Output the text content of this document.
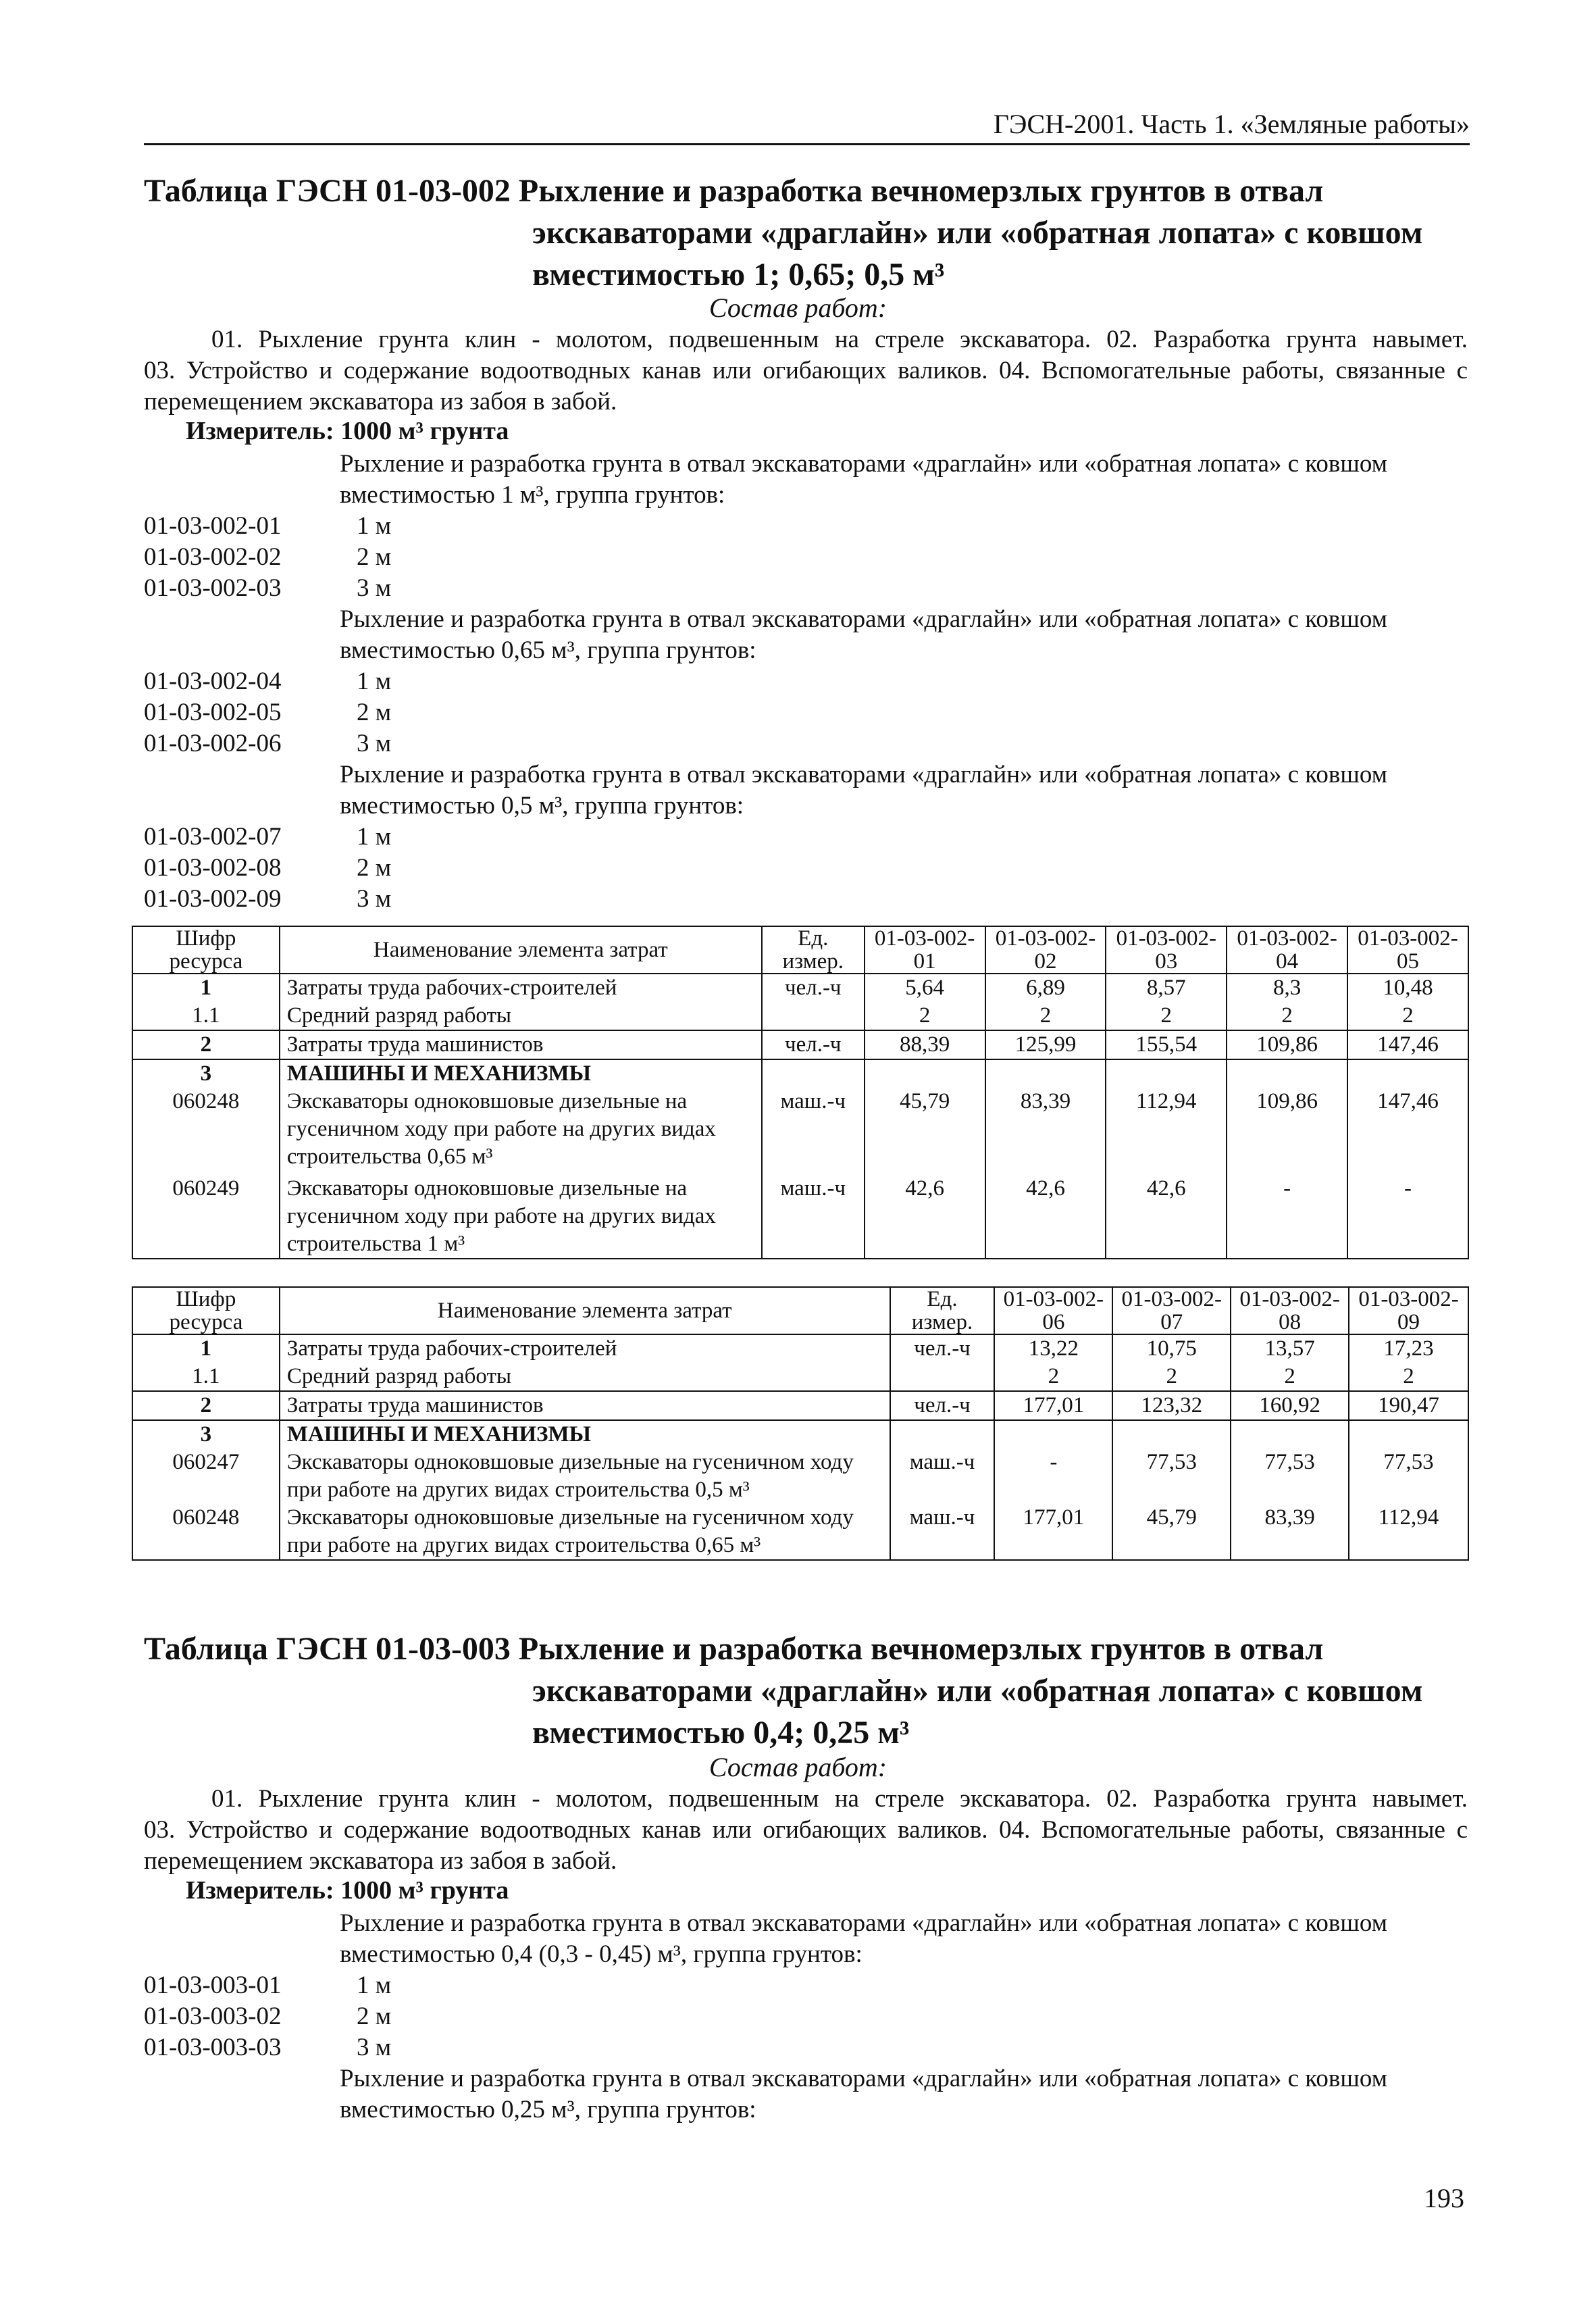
ГЭСН-2001. Часть 1. «Земляные работы»
Таблица ГЭСН 01-03-002 Рыхление и разработка вечномерзлых грунтов в отвал
экскаваторами «драглайн» или «обратная лопата» с ковшом
вместимостью 1; 0,65; 0,5 м³
Состав работ:
01. Рыхление грунта клин - молотом, подвешенным на стреле экскаватора. 02. Разработка грунта навымет.
03. Устройство и содержание водоотводных канав или огибающих валиков. 04. Вспомогательные работы, связанные с перемещением экскаватора из забоя в забой.
Измеритель: 1000 м³ грунта
Рыхление и разработка грунта в отвал экскаваторами «драглайн» или «обратная лопата» с ковшом вместимостью 1 м³, группа грунтов:
01-03-002-01	1 м
01-03-002-02	2 м
01-03-002-03	3 м
Рыхление и разработка грунта в отвал экскаваторами «драглайн» или «обратная лопата» с ковшом вместимостью 0,65 м³, группа грунтов:
01-03-002-04	1 м
01-03-002-05	2 м
01-03-002-06	3 м
Рыхление и разработка грунта в отвал экскаваторами «драглайн» или «обратная лопата» с ковшом вместимостью 0,5 м³, группа грунтов:
01-03-002-07	1 м
01-03-002-08	2 м
01-03-002-09	3 м
Шифр ресурса	Наименование элемента затрат	Ед. измер.	01-03-002-01	01-03-002-02	01-03-002-03	01-03-002-04	01-03-002-05
1	Затраты труда рабочих-строителей	чел.-ч	5,64	6,89	8,57	8,3	10,48
1.1	Средний разряд работы		2	2	2	2	2
2	Затраты труда машинистов	чел.-ч	88,39	125,99	155,54	109,86	147,46
3	МАШИНЫ И МЕХАНИЗМЫ						
060248	Экскаваторы одноковшовые дизельные на гусеничном ходу при работе на других видах строительства 0,65 м³	маш.-ч	45,79	83,39	112,94	109,86	147,46
060249	Экскаваторы одноковшовые дизельные на гусеничном ходу при работе на других видах строительства 1 м³	маш.-ч	42,6	42,6	42,6	-	-
Шифр ресурса	Наименование элемента затрат	Ед. измер.	01-03-002-06	01-03-002-07	01-03-002-08	01-03-002-09
1	Затраты труда рабочих-строителей	чел.-ч	13,22	10,75	13,57	17,23
1.1	Средний разряд работы		2	2	2	2
2	Затраты труда машинистов	чел.-ч	177,01	123,32	160,92	190,47
3	МАШИНЫ И МЕХАНИЗМЫ					
060247	Экскаваторы одноковшовые дизельные на гусеничном ходу при работе на других видах строительства 0,5 м³	маш.-ч	-	77,53	77,53	77,53
060248	Экскаваторы одноковшовые дизельные на гусеничном ходу при работе на других видах строительства 0,65 м³	маш.-ч	177,01	45,79	83,39	112,94
Таблица ГЭСН 01-03-003 Рыхление и разработка вечномерзлых грунтов в отвал
экскаваторами «драглайн» или «обратная лопата» с ковшом
вместимостью 0,4; 0,25 м³
Состав работ:
01. Рыхление грунта клин - молотом, подвешенным на стреле экскаватора. 02. Разработка грунта навымет.
03. Устройство и содержание водоотводных канав или огибающих валиков. 04. Вспомогательные работы, связанные с перемещением экскаватора из забоя в забой.
Измеритель: 1000 м³ грунта
Рыхление и разработка грунта в отвал экскаваторами «драглайн» или «обратная лопата» с ковшом вместимостью 0,4 (0,3 - 0,45) м³, группа грунтов:
01-03-003-01	1 м
01-03-003-02	2 м
01-03-003-03	3 м
Рыхление и разработка грунта в отвал экскаваторами «драглайн» или «обратная лопата» с ковшом вместимостью 0,25 м³, группа грунтов:
193
